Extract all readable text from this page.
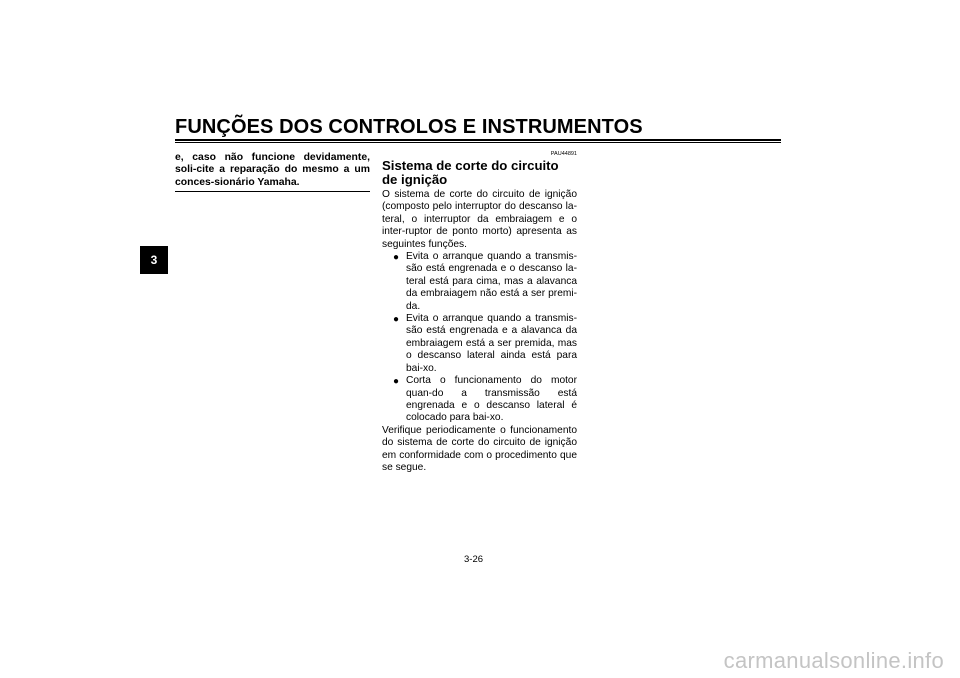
FUNÇÕES DOS CONTROLOS E INSTRUMENTOS
3

e, caso não funcione devidamente, soli-cite a reparação do mesmo a um conces-sionário Yamaha.

PAU44891
Sistema de corte do circuito de ignição

O sistema de corte do circuito de ignição (composto pelo interruptor do descanso la-teral, o interruptor da embraiagem e o inter-ruptor de ponto morto) apresenta as seguintes funções.

● Evita o arranque quando a transmis-são está engrenada e o descanso la-teral está para cima, mas a alavanca da embraiagem não está a ser premi-da.
● Evita o arranque quando a transmis-são está engrenada e a alavanca da embraiagem está a ser premida, mas o descanso lateral ainda está para bai-xo.
● Corta o funcionamento do motor quan-do a transmissão está engrenada e o descanso lateral é colocado para bai-xo.

Verifique periodicamente o funcionamento do sistema de corte do circuito de ignição em conformidade com o procedimento que se segue.

3-26
carmanualsonline.info
